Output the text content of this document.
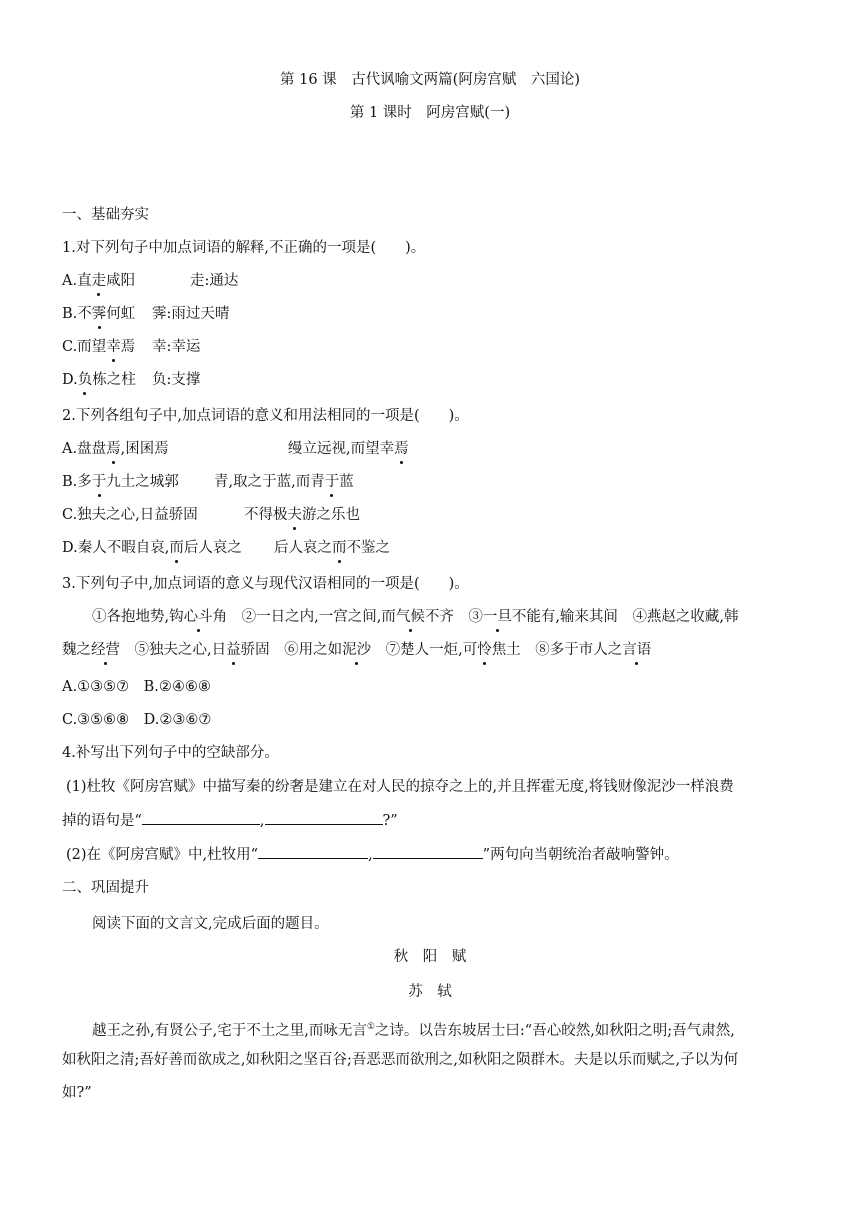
第 16 课　古代讽喻文两篇(阿房宫赋　六国论)
第 1 课时　阿房宫赋(一)
一、基础夯实
1.对下列句子中加点词语的解释,不正确的一项是(　　)。
A.直走咸阳	走:通达
B.不霁何虹 霁:雨过天晴
C.而望幸焉 幸:幸运
D.负栋之柱 负:支撑
2.下列各组句子中,加点词语的意义和用法相同的一项是(　　)。
A.盘盘焉,囷囷焉	缦立远视,而望幸焉
B.多于九土之城郭 青,取之于蓝,而青于蓝
C.独夫之心,日益骄固	不得极夫游之乐也
D.秦人不暇自哀,而后人哀之 后人哀之而不鉴之
3.下列句子中,加点词语的意义与现代汉语相同的一项是(　　)。
①各抱地势,钩心斗角　 ②一日之内,一宫之间,而气候不齐　 ③一旦不能有,输来其间　 ④燕赵之收藏,韩
魏之经营　 ⑤独夫之心,日益骄固　 ⑥用之如泥沙　 ⑦楚人一炬,可怜焦土　 ⑧多于市人之言语
A.①③⑤⑦　B.②④⑥⑧
C.③⑤⑥⑧　D.②③⑥⑦
4.补写出下列句子中的空缺部分。
(1)杜牧《阿房宫赋》中描写秦的纷奢是建立在对人民的掠夺之上的,并且挥霍无度,将钱财像泥沙一样浪费
掉的语句是“	,	?”
(2)在《阿房宫赋》中,杜牧用“	,	”两句向当朝统治者敲响警钟。
二、巩固提升
阅读下面的文言文,完成后面的题目。
秋　阳　赋
苏　轼
越王之孙,有贤公子,宅于不土之里,而咏无言①之诗。以告东坡居士曰:“吾心皎然,如秋阳之明;吾气肃然,
如秋阳之清;吾好善而欲成之,如秋阳之坚百谷;吾恶恶而欲刑之,如秋阳之陨群木。夫是以乐而赋之,子以为何
如?”
